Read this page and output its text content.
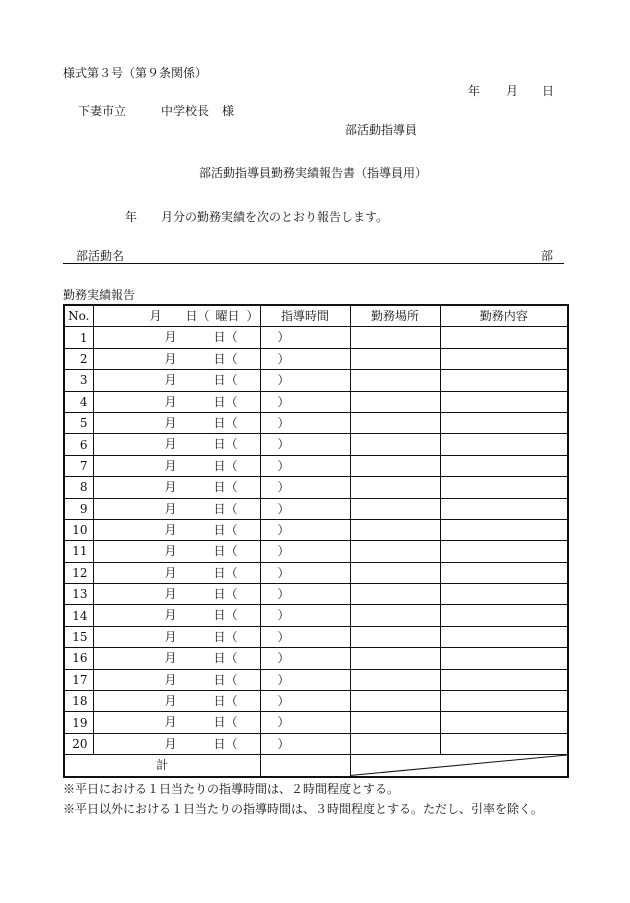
様式第３号（第９条関係）
年 月 日
下妻市立	中学校長 様
部活動指導員
部活動指導員勤務実績報告書（指導員用）
年 月分の勤務実績を次のとおり報告します。
部活動名	部
勤務実績報告
No.	月 日（ 曜日 ）	指導時間	勤務場所	勤務内容
1	月 日（ ）			

2	月 日（ ）			

3	月 日（ ）			

4	月 日（ ）			

5	月 日（ ）			

6	月 日（ ）			

7	月 日（ ）			

8	月 日（ ）			

9	月 日（ ）			

10	月 日（ ）			

11	月 日（ ）			

12	月 日（ ）			

13	月 日（ ）			

14	月 日（ ）			

15	月 日（ ）			

16	月 日（ ）			

17	月 日（ ）			

18	月 日（ ）			

19	月 日（ ）			

20	月 日（ ）			

計		
※平日における１日当たりの指導時間は、２時間程度とする。
※平日以外における１日当たりの指導時間は、３時間程度とする。ただし、引率を除く。
